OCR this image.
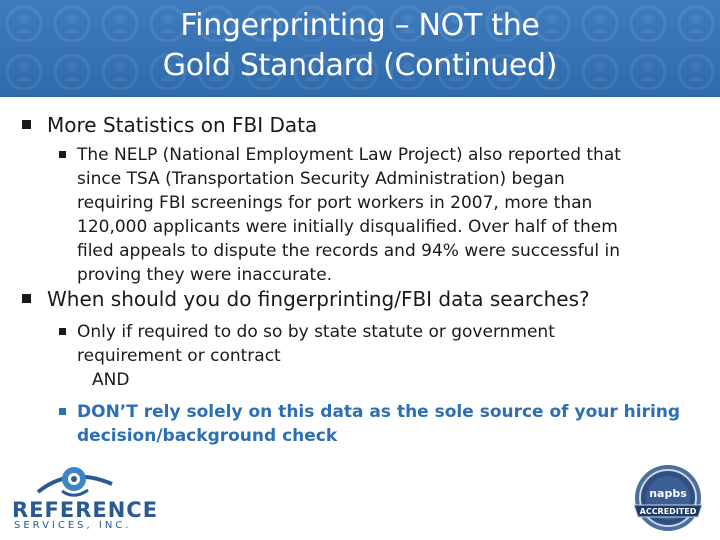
Fingerprinting – NOT the
Gold Standard (Continued)
More Statistics on FBI Data
The NELP (National Employment Law Project) also reported that
since TSA (Transportation Security Administration) began
requiring FBI screenings for port workers in 2007, more than
120,000 applicants were initially disqualified. Over half of them
filed appeals to dispute the records and 94% were successful in
proving they were inaccurate.
When should you do fingerprinting/FBI data searches?
Only if required to do so by state statute or government
requirement or contract
AND
DON’T rely solely on this data as the sole source of your hiring
decision/background check
REFERENCE
SERVICES, INC.
napbs
ACCREDITED
